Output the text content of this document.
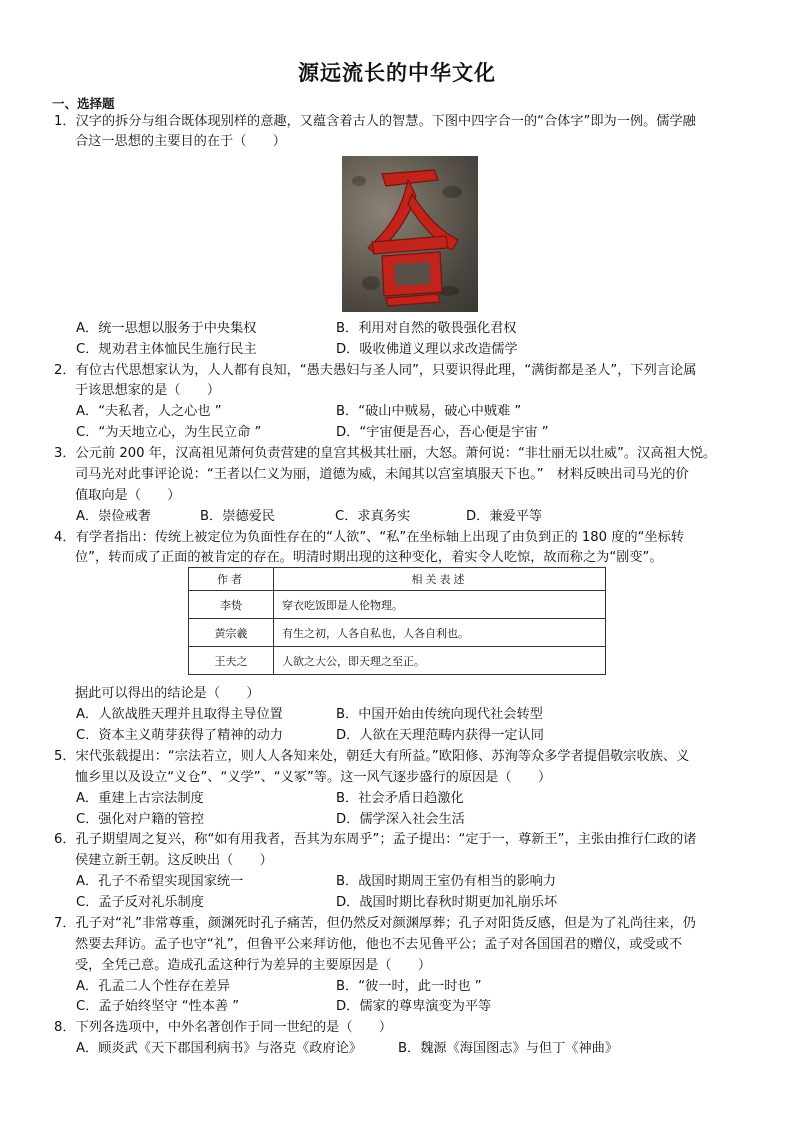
源远流长的中华文化
一、选择题
1．汉字的拆分与组合既体现别样的意趣，又蕴含着古人的智慧。下图中四字合一的“合体字”即为一例。儒学融
合这一思想的主要目的在于（　　）
A．统一思想以服务于中央集权	B．利用对自然的敬畏强化君权
C．规劝君主体恤民生施行民主	D．吸收佛道义理以求改造儒学
2．有位古代思想家认为，人人都有良知，“愚夫愚妇与圣人同”，只要识得此理，“满街都是圣人”，下列言论属
于该思想家的是（　　）
A．“夫私者，人之心也 ”	B．“破山中贼易，破心中贼难 ”
C．“为天地立心，为生民立命 ”	D．“宇宙便是吾心，吾心便是宇宙 ”
3．公元前 200 年，汉高祖见萧何负责营建的皇宫其极其壮丽，大怒。萧何说：“非壮丽无以壮威”。汉高祖大悦。
司马光对此事评论说：“王者以仁义为丽，道德为威，未闻其以宫室填服天下也。”　材料反映出司马光的价
值取向是（　　）
A．崇俭戒奢	B．崇德爱民	C．求真务实	D．兼爱平等
4．有学者指出：传统上被定位为负面性存在的“人欲”、“私”在坐标轴上出现了由负到正的 180 度的“坐标转
位”，转而成了正面的被肯定的存在。明清时期出现的这种变化，着实令人吃惊，故而称之为“剧变”。
作者	相关表述
李贽	穿衣吃饭即是人伦物理。
黄宗羲	有生之初，人各自私也，人各自利也。
王夫之	人欲之大公，即天理之至正。
据此可以得出的结论是（　　）
A．人欲战胜天理并且取得主导位置	B．中国开始由传统向现代社会转型
C．资本主义萌芽获得了精神的动力	D．人欲在天理范畴内获得一定认同
5．宋代张载提出：“宗法若立，则人人各知来处，朝廷大有所益。”欧阳修、苏洵等众多学者提倡敬宗收族、义
恤乡里以及设立“义仓”、“义学”、“义冢”等。这一风气逐步盛行的原因是（　　）
A．重建上古宗法制度	B．社会矛盾日趋激化
C．强化对户籍的管控	D．儒学深入社会生活
6．孔子期望周之复兴，称“如有用我者，吾其为东周乎”；孟子提出：“定于一，尊新王”，主张由推行仁政的诸
侯建立新王朝。这反映出（　　）
A．孔子不希望实现国家统一	B．战国时期周王室仍有相当的影响力
C．孟子反对礼乐制度	D．战国时期比春秋时期更加礼崩乐坏
7．孔子对“礼”非常尊重，颜渊死时孔子痛苦，但仍然反对颜渊厚葬；孔子对阳货反感，但是为了礼尚往来，仍
然要去拜访。孟子也守“礼”，但鲁平公来拜访他，他也不去见鲁平公；孟子对各国国君的赠仪，或受或不
受，全凭己意。造成孔孟这种行为差异的主要原因是（　　）
A．孔孟二人个性存在差异	B．“彼一时，此一时也 ”
C．孟子始终坚守 “性本善 ”	D．儒家的尊卑演变为平等
8．下列各选项中，中外名著创作于同一世纪的是（　　）
A．顾炎武《天下郡国利病书》与洛克《政府论》	B．魏源《海国图志》与但丁《神曲》
